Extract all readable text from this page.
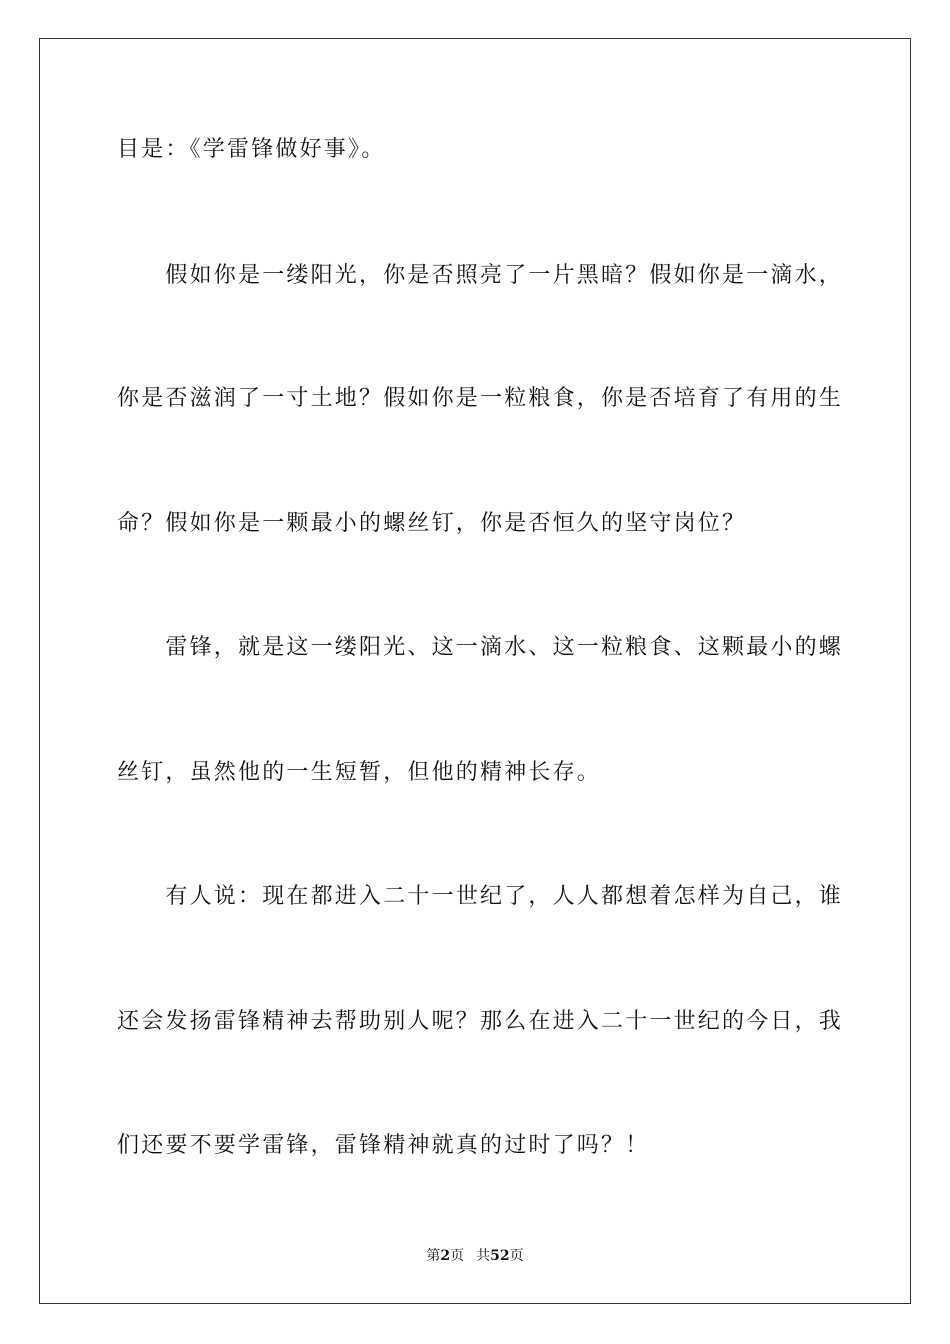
目是：《学雷锋做好事》。
　　假如你是一缕阳光，你是否照亮了一片黑暗？假如你是一滴水，
你是否滋润了一寸土地？假如你是一粒粮食，你是否培育了有用的生
命？假如你是一颗最小的螺丝钉，你是否恒久的坚守岗位？
　　雷锋，就是这一缕阳光、这一滴水、这一粒粮食、这颗最小的螺
丝钉，虽然他的一生短暂，但他的精神长存。
　　有人说：现在都进入二十一世纪了，人人都想着怎样为自己，谁
还会发扬雷锋精神去帮助别人呢？那么在进入二十一世纪的今日，我
们还要不要学雷锋，雷锋精神就真的过时了吗？！
第2页 共52页
